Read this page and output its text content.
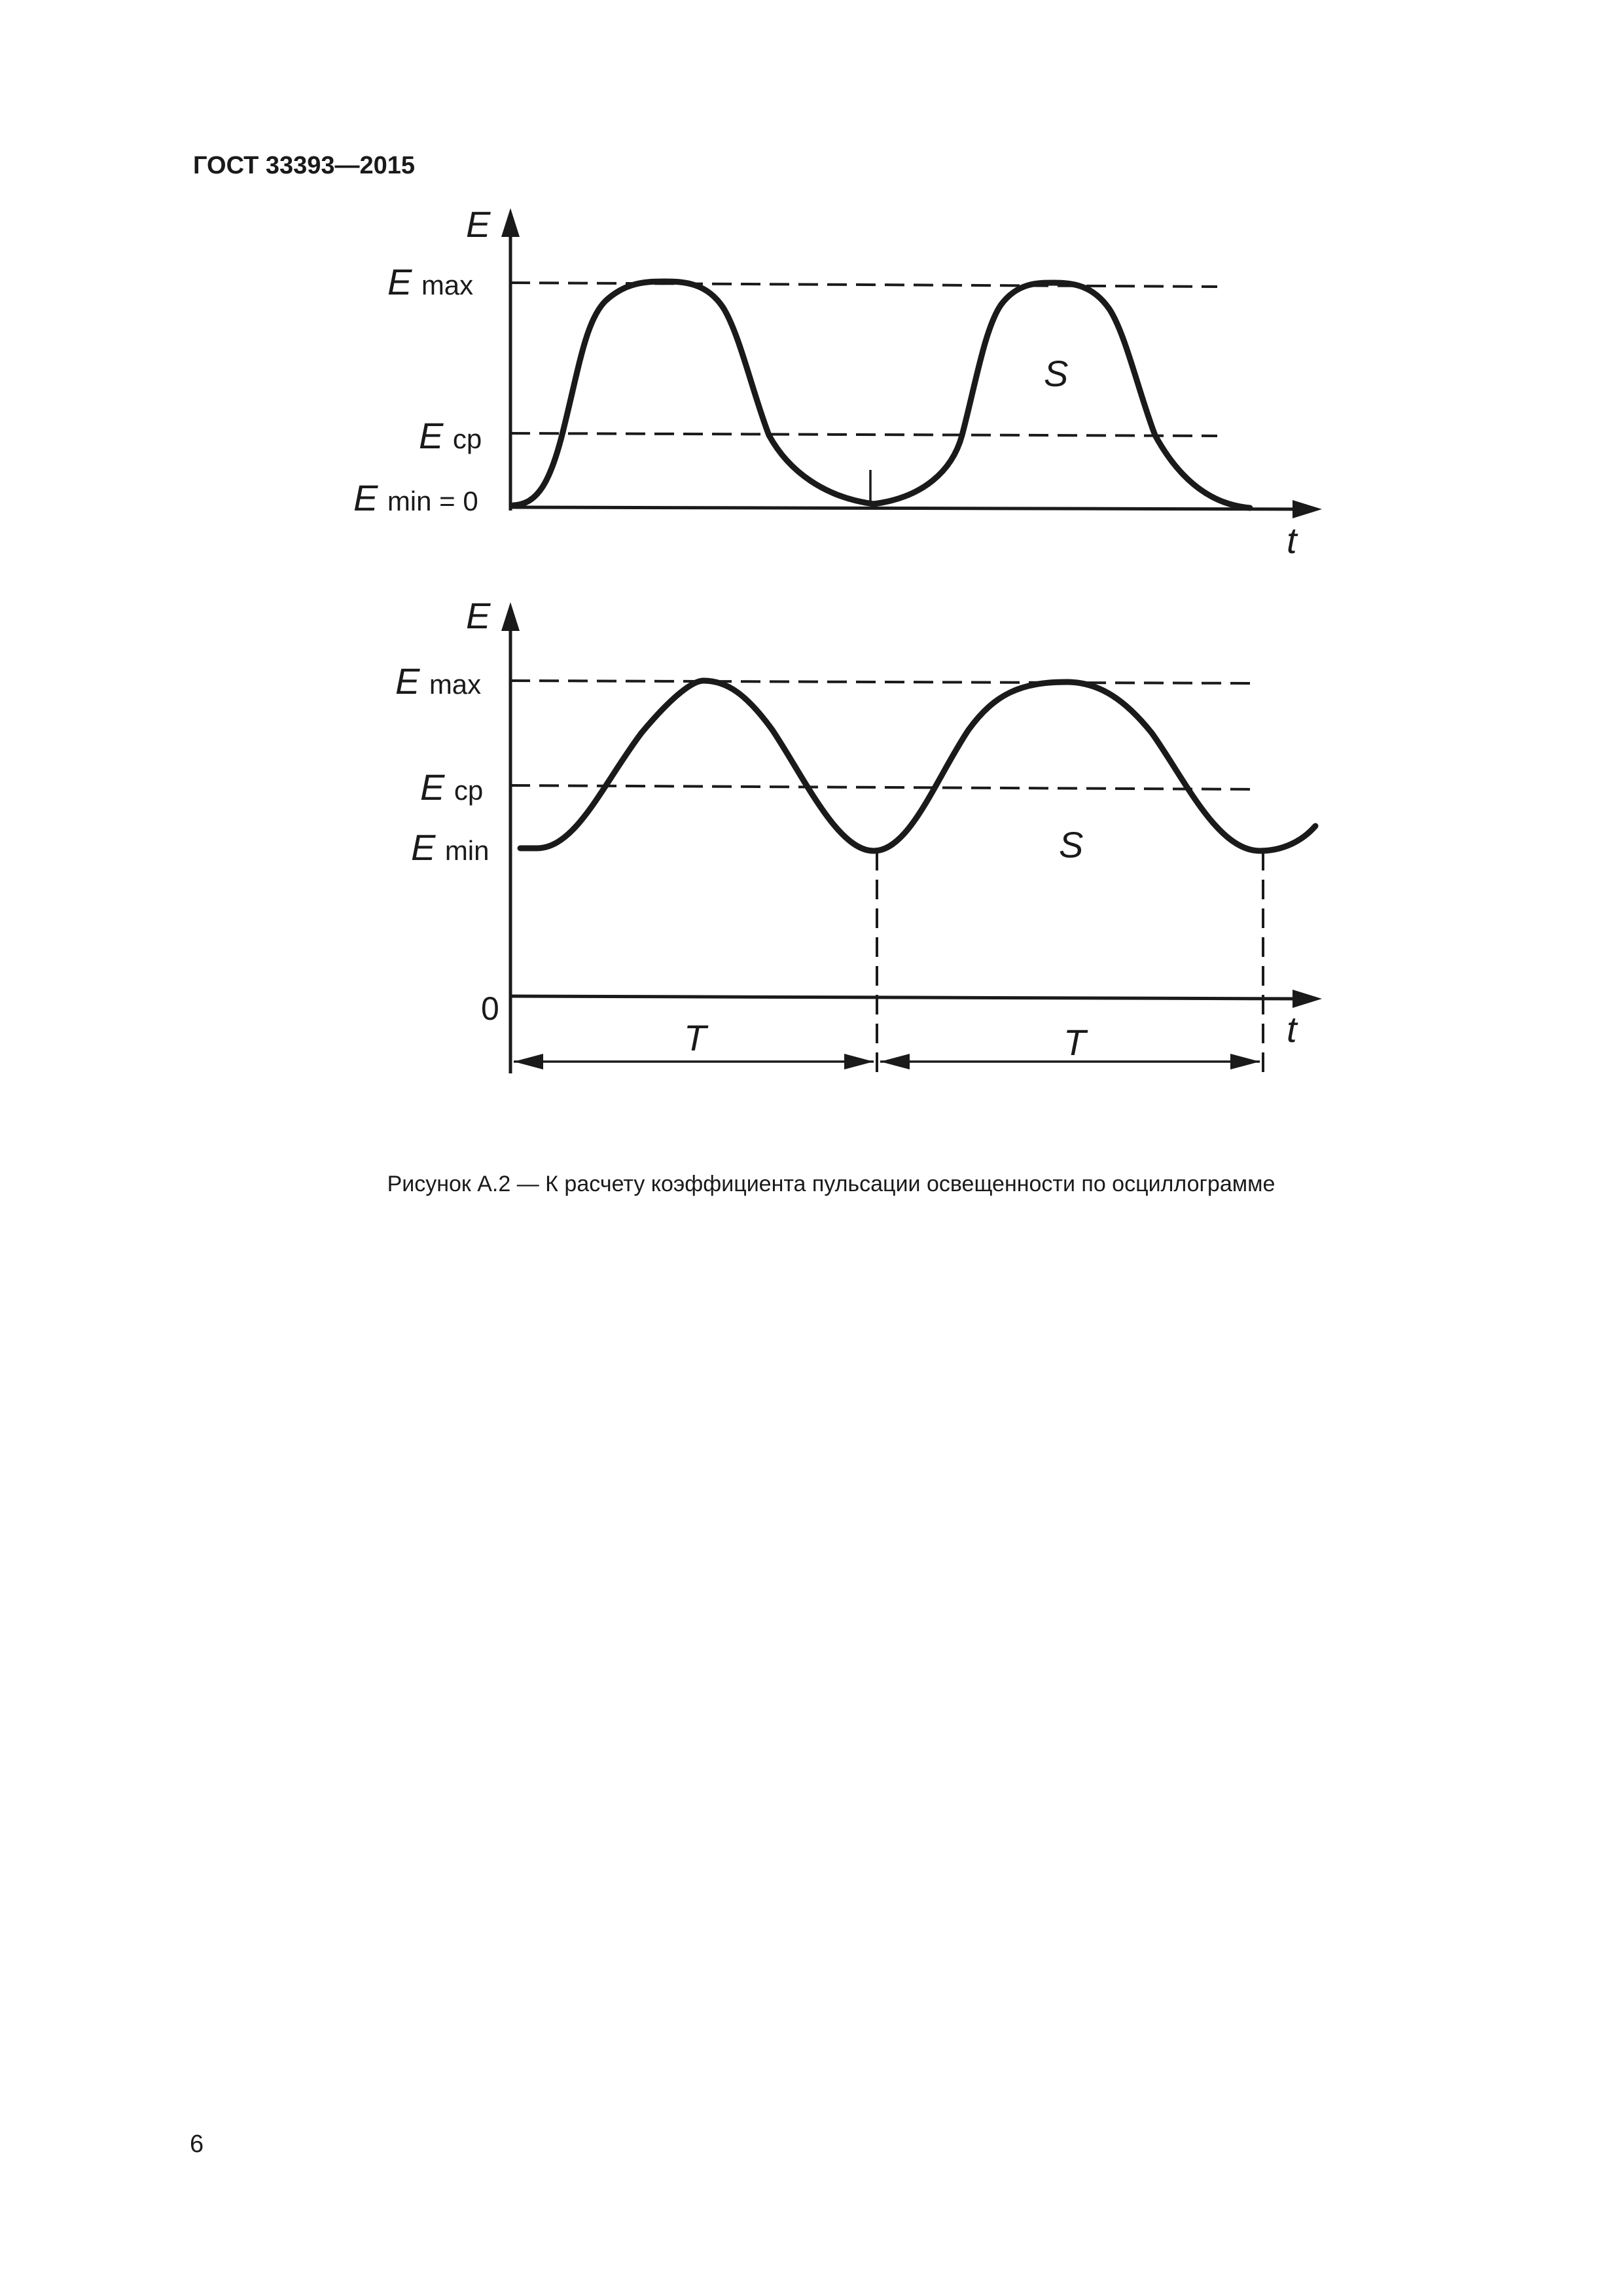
ГОСТ 33393—2015
E
t
E max
E ср
E min = 0
S
E
t
0
E max
E ср
E min	S
T	T
Рисунок А.2 — К расчету коэффициента пульсации освещенности по осциллограмме
6
